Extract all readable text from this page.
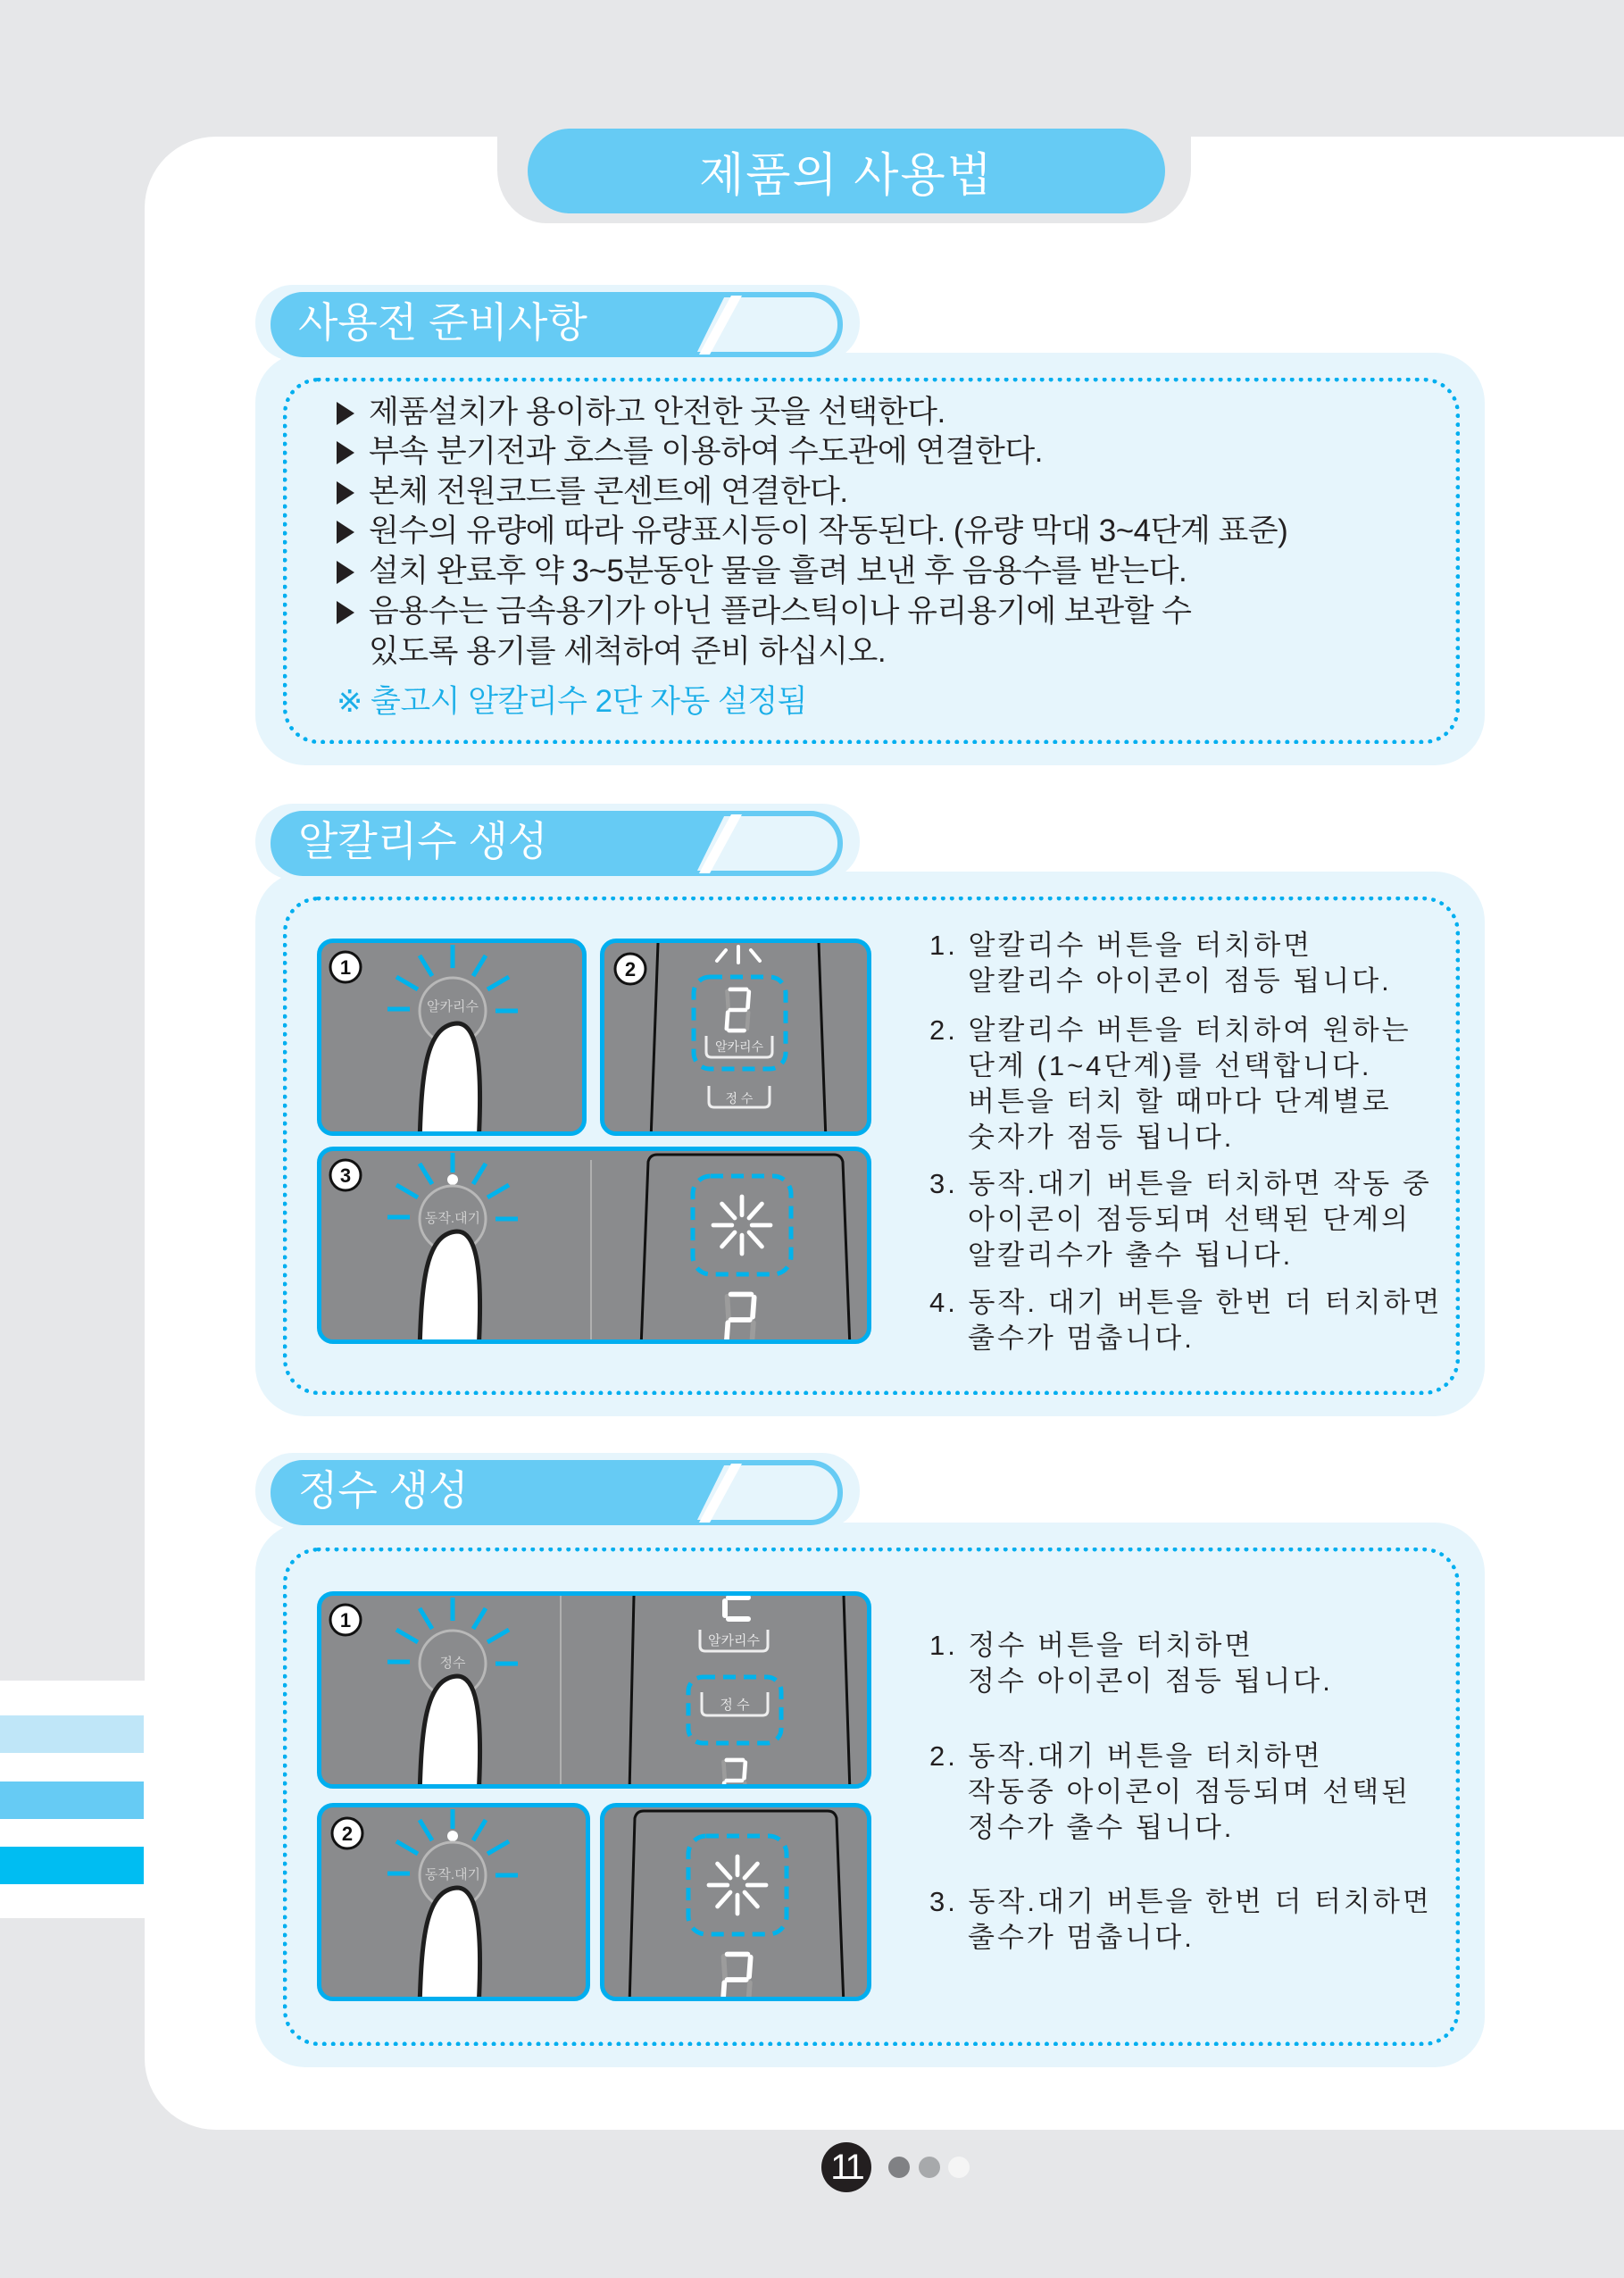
제품의 사용법
사용전 준비사항
제품설치가 용이하고 안전한 곳을 선택한다.
부속 분기전과 호스를 이용하여 수도관에 연결한다.
본체 전원코드를 콘센트에 연결한다.
원수의 유량에 따라 유량표시등이 작동된다. (유량 막대 3~4단계 표준)
설치 완료후 약 3~5분동안 물을 흘려 보낸 후 음용수를 받는다.
음용수는 금속용기가 아닌 플라스틱이나 유리용기에 보관할 수
있도록 용기를 세척하여 준비 하십시오.
※ 출고시 알칼리수 2단 자동 설정됨
알칼리수 생성
알카리수
1
알카리수
정 수
2
동작.대기
3
1. 알칼리수 버튼을 터치하면
알칼리수 아이콘이 점등 됩니다.
2. 알칼리수 버튼을 터치하여 원하는
단계 (1~4단계)를 선택합니다.
버튼을 터치 할 때마다 단계별로
숫자가 점등 됩니다.
3. 동작.대기 버튼을 터치하면 작동 중
아이콘이 점등되며 선택된 단계의
알칼리수가 출수 됩니다.
4. 동작. 대기 버튼을 한번 더 터치하면
출수가 멈춥니다.
정수 생성
정수
알카리수
정 수
1
동작.대기
2
1. 정수 버튼을 터치하면
정수 아이콘이 점등 됩니다.
2. 동작.대기 버튼을 터치하면
작동중 아이콘이 점등되며 선택된
정수가 출수 됩니다.
3. 동작.대기 버튼을 한번 더 터치하면
출수가 멈춥니다.
11
